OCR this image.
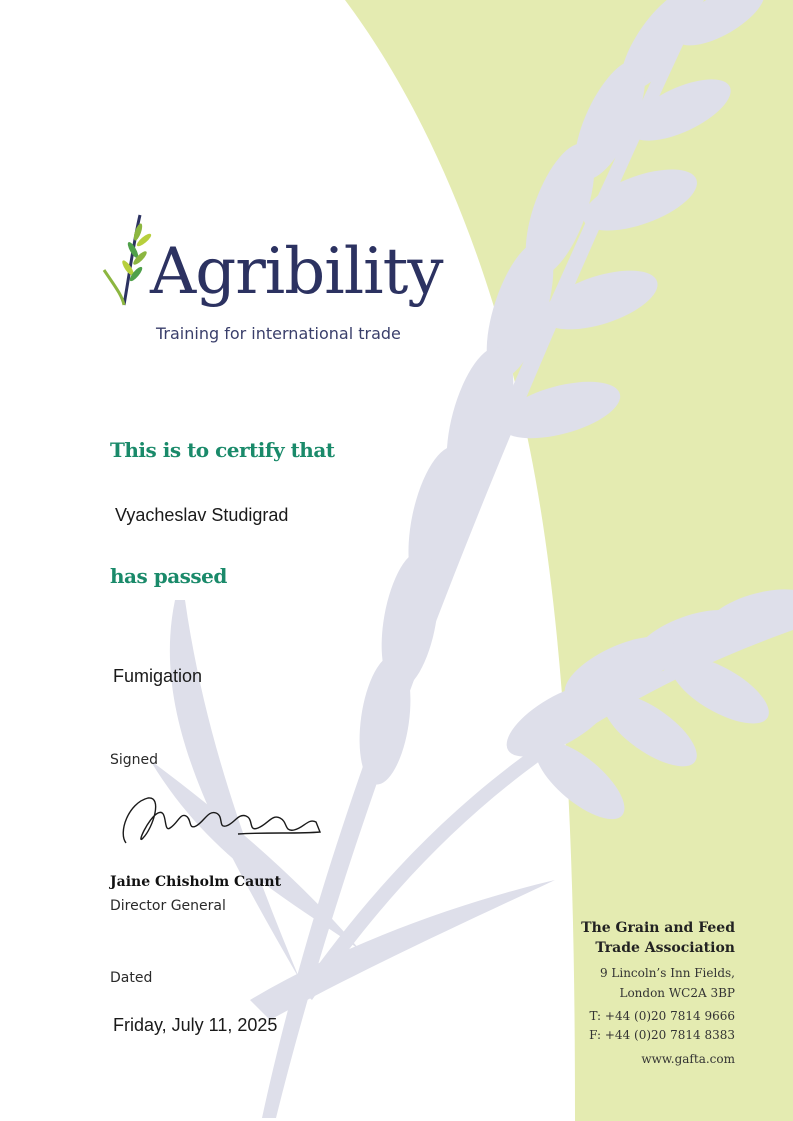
Agribility
Training for international trade
This is to certify that
Vyacheslav Studigrad
has passed
Fumigation
Signed
Jaine Chisholm Caunt
Director General
Dated
Friday, July 11, 2025
The Grain and Feed
Trade Association
9 Lincoln’s Inn Fields,
London WC2A 3BP
T: +44 (0)20 7814 9666
F: +44 (0)20 7814 8383
www.gafta.com
